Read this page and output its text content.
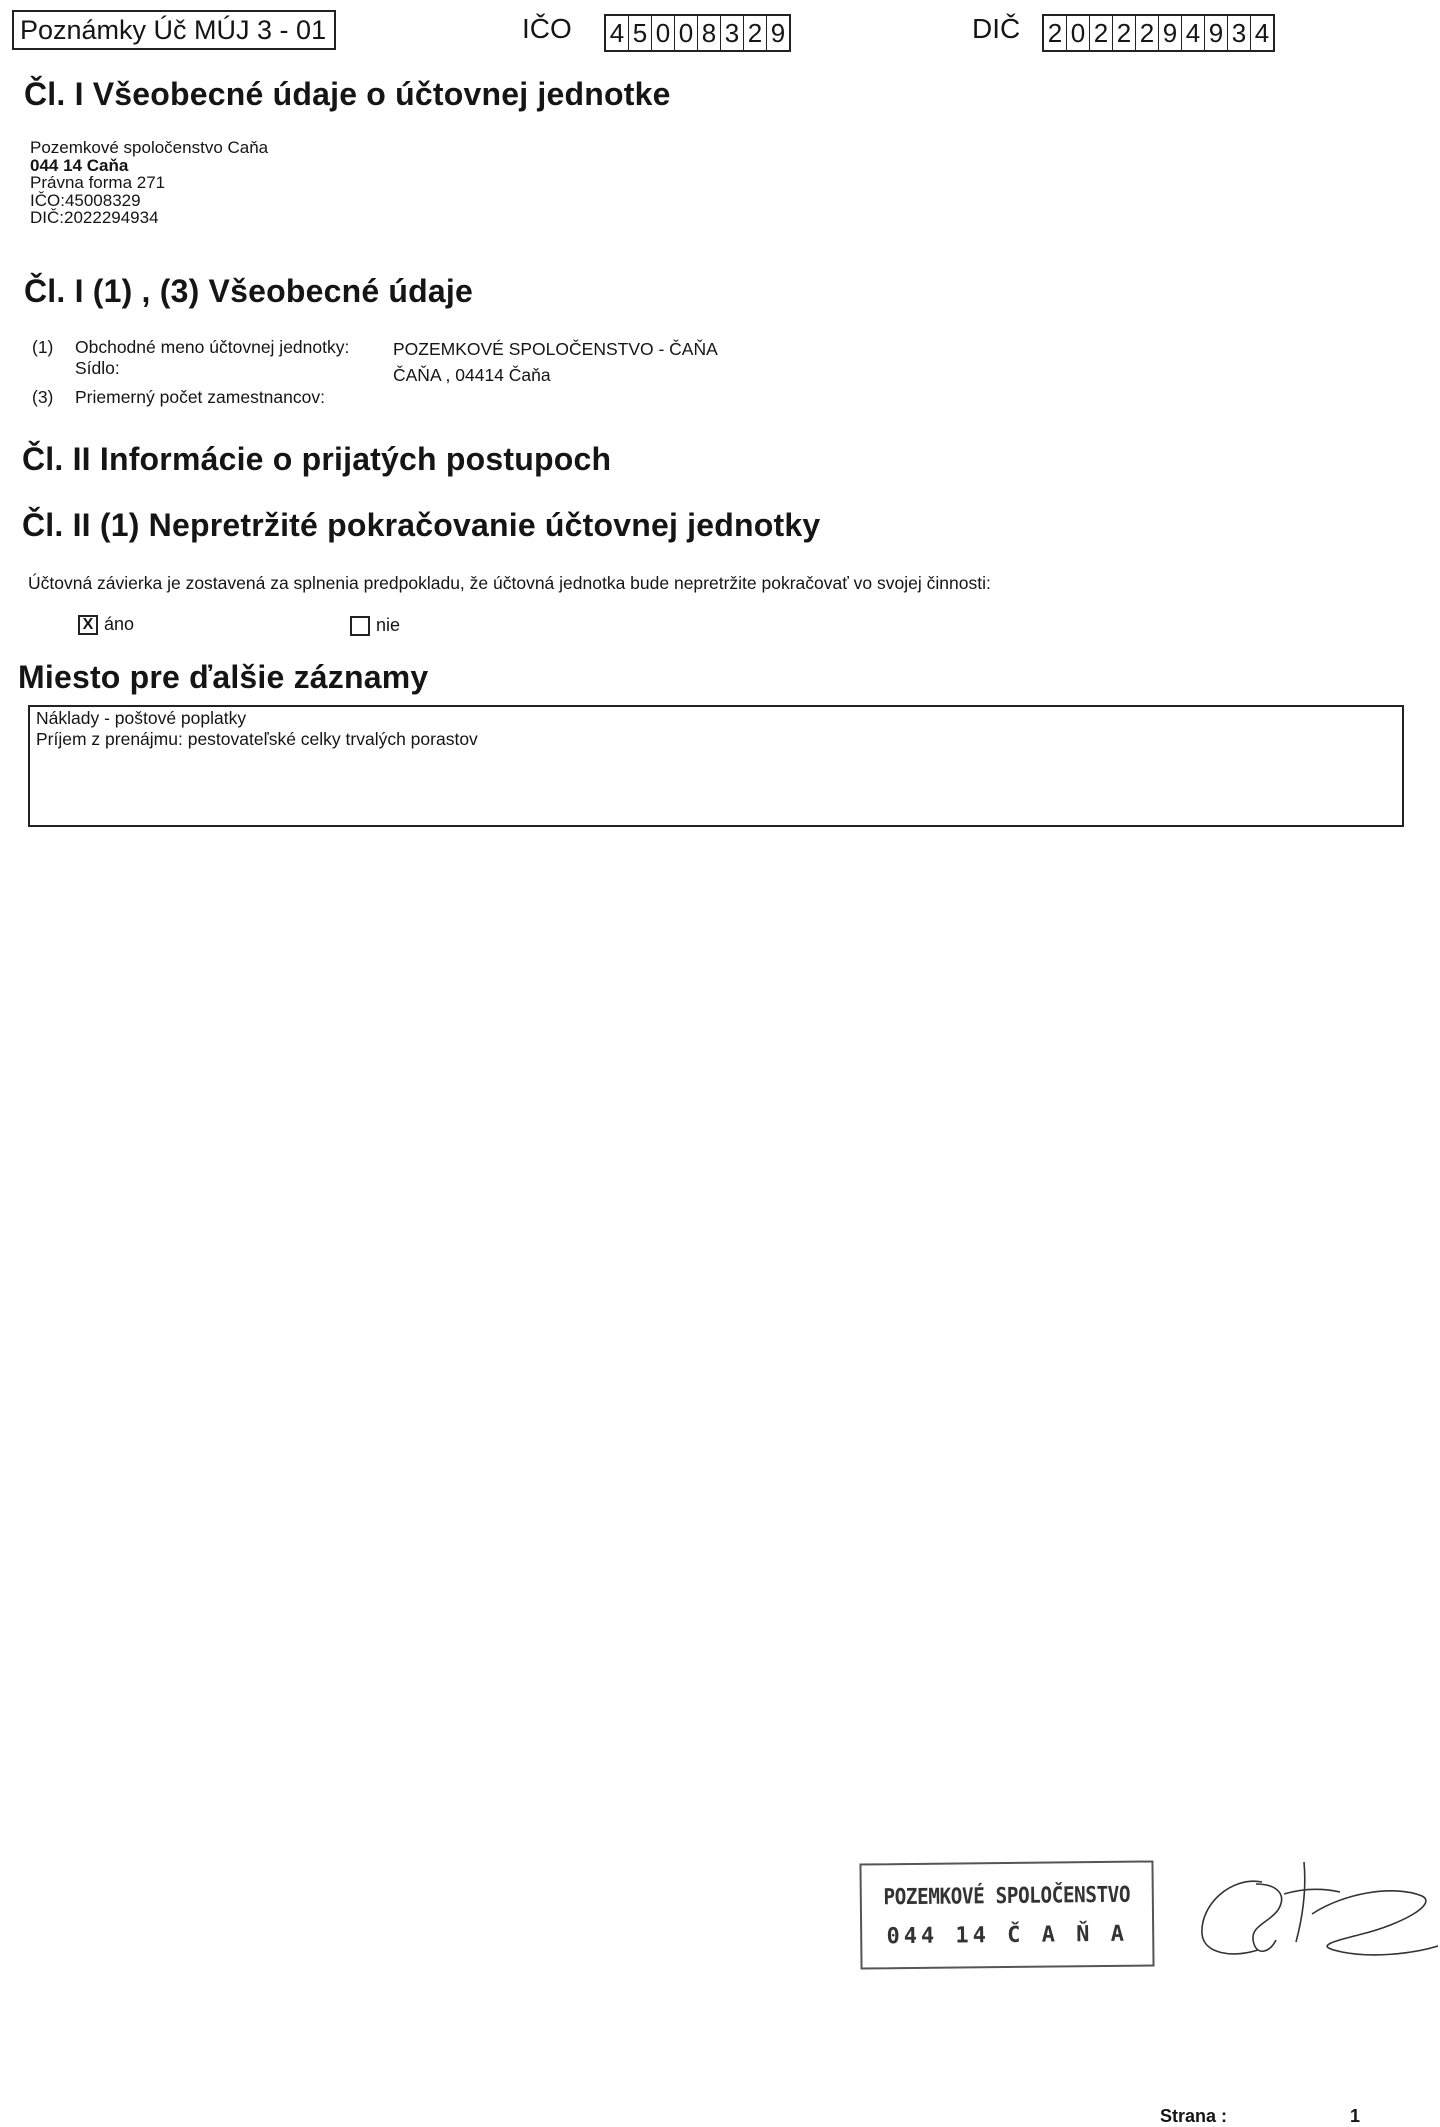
Poznámky Úč MÚJ 3 - 01	IČO 4 5 0 0 8 3 2 9	DIČ 2 0 2 2 2 9 4 9 3 4
Čl. I Všeobecné údaje o účtovnej jednotke
Pozemkové spoločenstvo Caňa
044 14 Caňa
Právna forma 271
IČO:45008329
DIČ:2022294934
Čl. I (1) , (3) Všeobecné údaje
(1) Obchodné meno účtovnej jednotky: POZEMKOVÉ SPOLOČENSTVO - ČAŇA
Sídlo:	ČAŇA , 04414 Čaňa
(3) Priemerný počet zamestnancov:
Čl. II Informácie o prijatých postupoch
Čl. II (1) Nepretržité pokračovanie účtovnej jednotky
Účtovná závierka je zostavená za splnenia predpokladu, že účtovná jednotka bude nepretržite pokračovať vo svojej činnosti:
X áno	nie
Miesto pre ďalšie záznamy
Náklady - poštové poplatky
Príjem z prenájmu: pestovateľské celky trvalých porastov
POZEMKOVÉ SPOLOČENSTVO
044 14 Č A Ň A
Strana :	1
